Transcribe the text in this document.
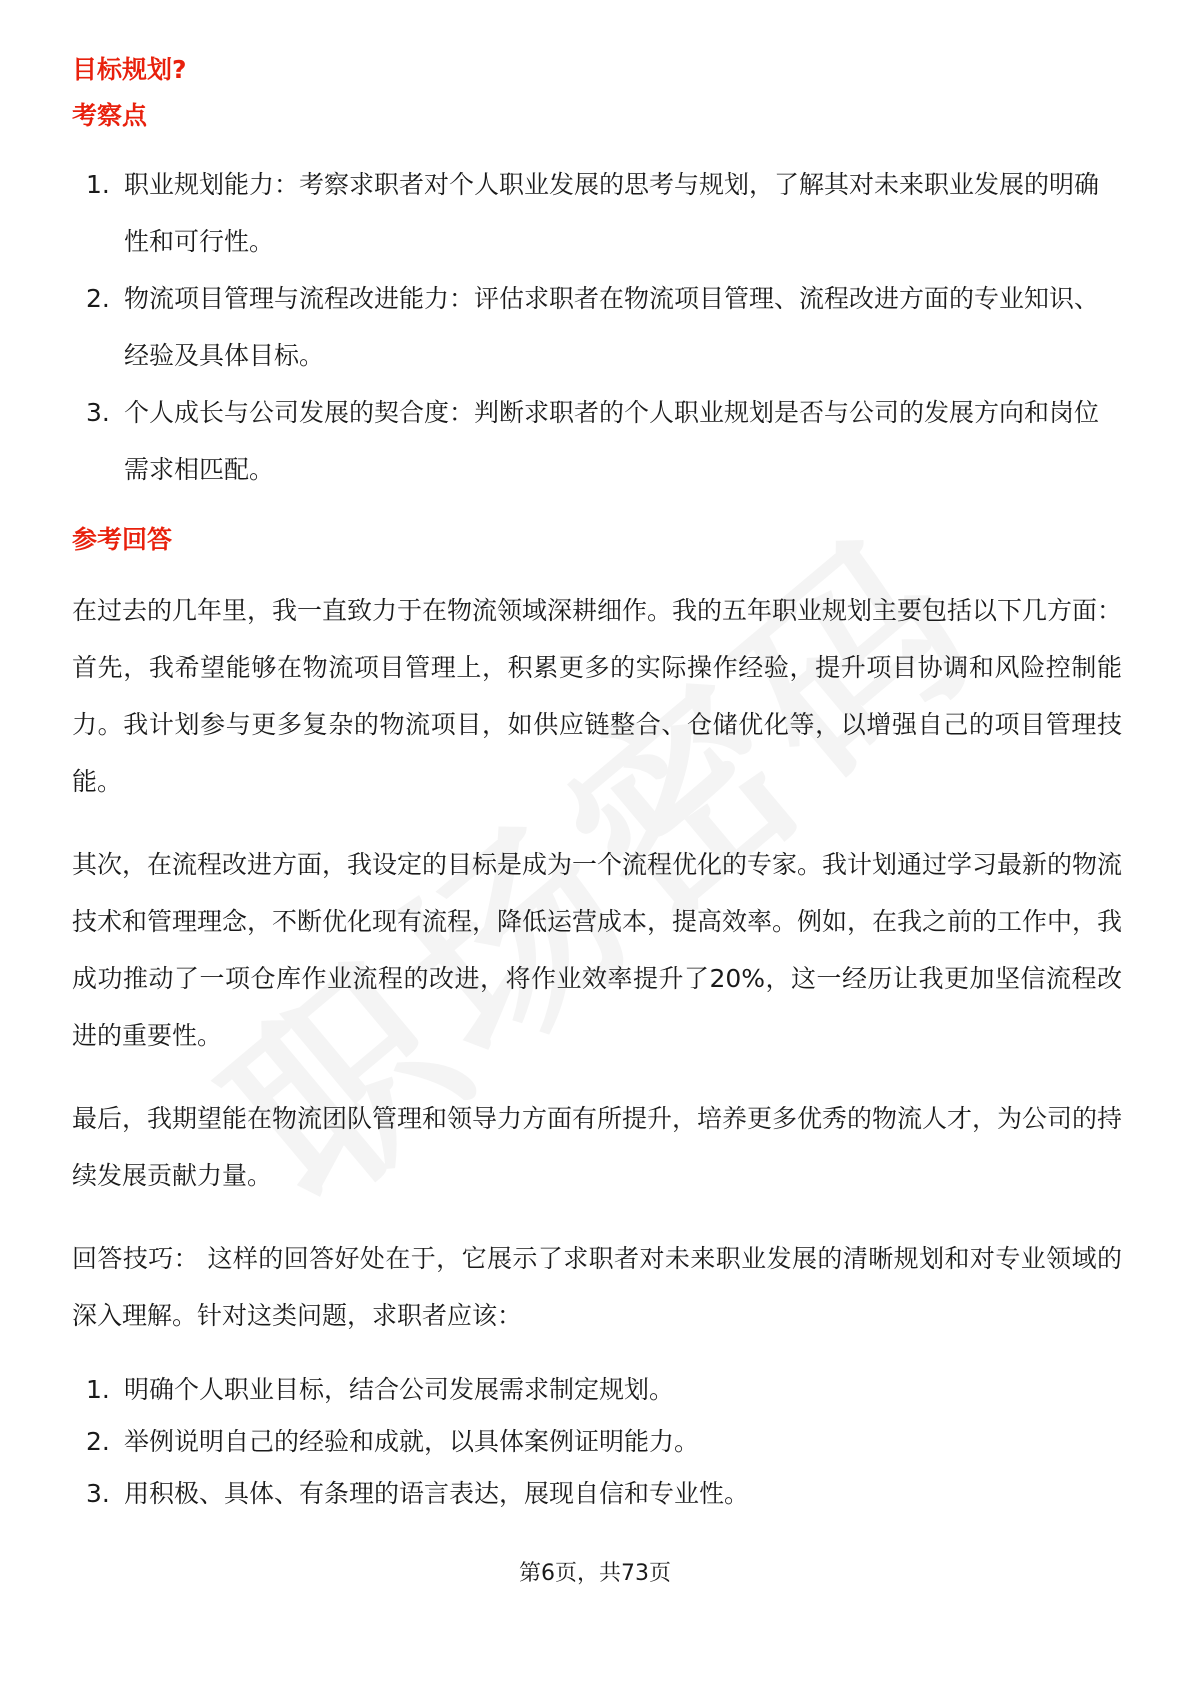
目标规划?
考察点
1. 职业规划能力：考察求职者对个人职业发展的思考与规划，了解其对未来职业发展的明确性和可行性。
2. 物流项目管理与流程改进能力：评估求职者在物流项目管理、流程改进方面的专业知识、经验及具体目标。
3. 个人成长与公司发展的契合度：判断求职者的个人职业规划是否与公司的发展方向和岗位需求相匹配。
参考回答

在过去的几年里，我一直致力于在物流领域深耕细作。我的五年职业规划主要包括以下几方面：首先，我希望能够在物流项目管理上，积累更多的实际操作经验，提升项目协调和风险控制能力。我计划参与更多复杂的物流项目，如供应链整合、仓储优化等，以增强自己的项目管理技能。

其次，在流程改进方面，我设定的目标是成为一个流程优化的专家。我计划通过学习最新的物流技术和管理理念，不断优化现有流程，降低运营成本，提高效率。例如，在我之前的工作中，我成功推动了一项仓库作业流程的改进，将作业效率提升了20%，这一经历让我更加坚信流程改进的重要性。

最后，我期望能在物流团队管理和领导力方面有所提升，培养更多优秀的物流人才，为公司的持续发展贡献力量。

回答技巧： 这样的回答好处在于，它展示了求职者对未来职业发展的清晰规划和对专业领域的深入理解。针对这类问题，求职者应该：

1. 明确个人职业目标，结合公司发展需求制定规划。
2. 举例说明自己的经验和成就，以具体案例证明能力。
3. 用积极、具体、有条理的语言表达，展现自信和专业性。
第6页，共73页
